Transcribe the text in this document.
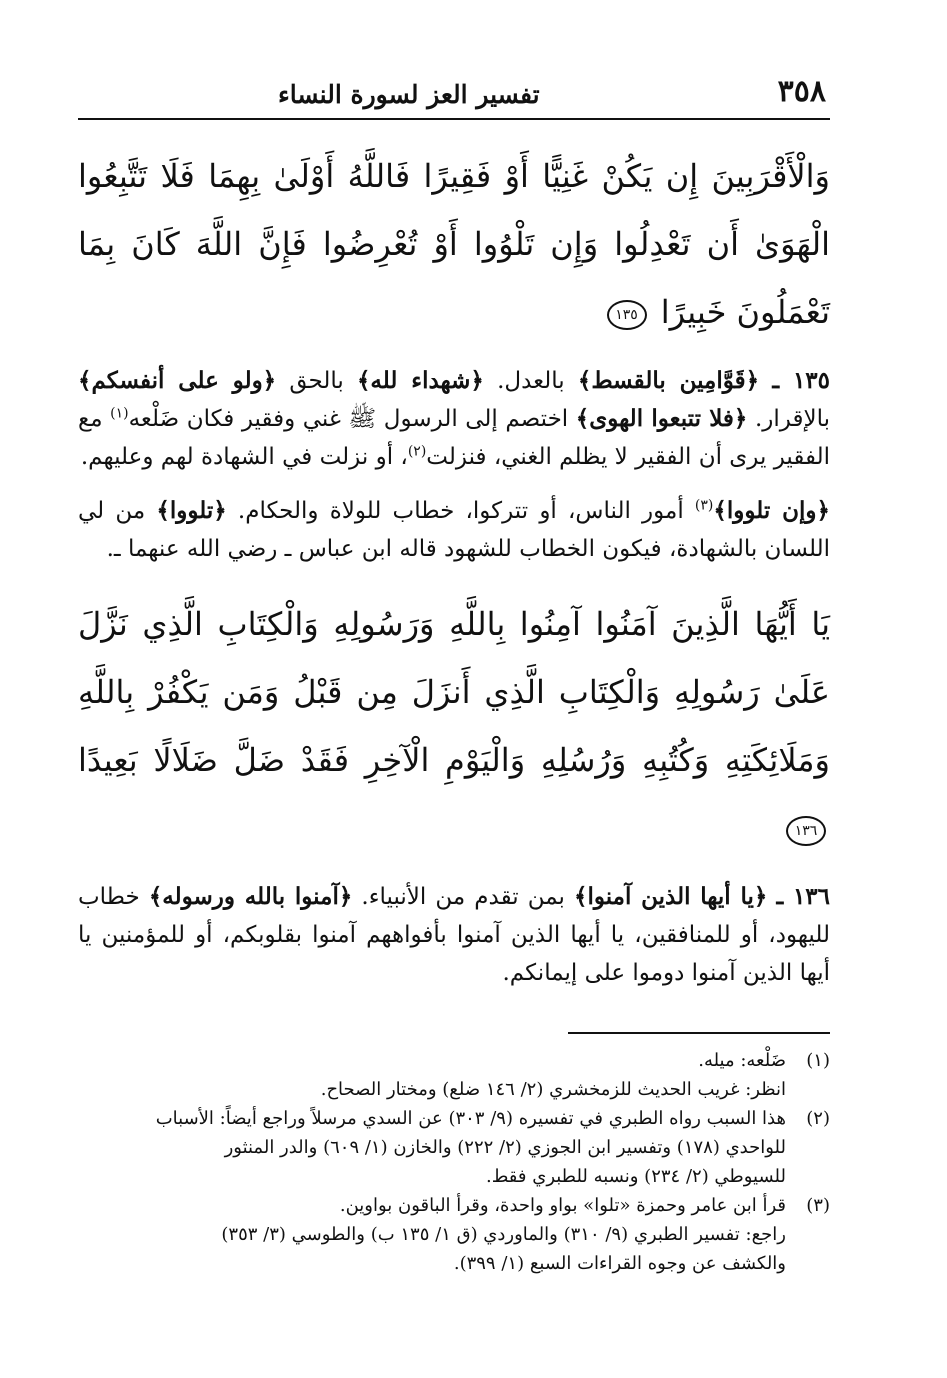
٣٥٨
تفسير العز لسورة النساء
وَالْأَقْرَبِينَ إِن يَكُنْ غَنِيًّا أَوْ فَقِيرًا فَاللَّهُ أَوْلَىٰ بِهِمَا فَلَا تَتَّبِعُوا الْهَوَىٰ أَن تَعْدِلُوا وَإِن تَلْوُوا أَوْ تُعْرِضُوا فَإِنَّ اللَّهَ كَانَ بِمَا تَعْمَلُونَ خَبِيرًا ١٣٥

١٣٥ ـ ﴿قَوَّامِين بالقسط﴾ بالعدل. ﴿شهداء لله﴾ بالحق ﴿ولو على أنفسكم﴾ بالإقرار. ﴿فلا تتبعوا الهوى﴾ اختصم إلى الرسول ﷺ غني وفقير فكان ضَلْعه$^{(١)}$ مع الفقير يرى أن الفقير لا يظلم الغني، فنزلت$^{(٢)}$، أو نزلت في الشهادة لهم وعليهم.

﴿وإن تلووا﴾$^{(٣)}$ أمور الناس، أو تتركوا، خطاب للولاة والحكام. ﴿تلووا﴾ من لي اللسان بالشهادة، فيكون الخطاب للشهود قاله ابن عباس ـ رضي الله عنهما ـ.

يَا أَيُّهَا الَّذِينَ آمَنُوا آمِنُوا بِاللَّهِ وَرَسُولِهِ وَالْكِتَابِ الَّذِي نَزَّلَ عَلَىٰ رَسُولِهِ وَالْكِتَابِ الَّذِي أَنزَلَ مِن قَبْلُ وَمَن يَكْفُرْ بِاللَّهِ وَمَلَائِكَتِهِ وَكُتُبِهِ وَرُسُلِهِ وَالْيَوْمِ الْآخِرِ فَقَدْ ضَلَّ ضَلَالًا بَعِيدًا ١٣٦

١٣٦ ـ ﴿يا أيها الذين آمنوا﴾ بمن تقدم من الأنبياء. ﴿آمنوا بالله ورسوله﴾ خطاب لليهود، أو للمنافقين، يا أيها الذين آمنوا بأفواههم آمنوا بقلوبكم، أو للمؤمنين يا أيها الذين آمنوا دوموا على إيمانكم.

(١)
ضَلْعه: ميله.
انظر: غريب الحديث للزمخشري (٢/ ١٤٦ ضلع) ومختار الصحاح.
(٢)
هذا السبب رواه الطبري في تفسيره (٩/ ٣٠٣) عن السدي مرسلاً وراجع أيضاً: الأسباب
للواحدي (١٧٨) وتفسير ابن الجوزي (٢/ ٢٢٢) والخازن (١/ ٦٠٩) والدر المنثور
للسيوطي (٢/ ٢٣٤) ونسبه للطبري فقط.
(٣)
قرأ ابن عامر وحمزة «تلوا» بواو واحدة، وقرأ الباقون بواوين.
راجع: تفسير الطبري (٩/ ٣١٠) والماوردي (ق ١/ ١٣٥ ب) والطوسي (٣/ ٣٥٣)
والكشف عن وجوه القراءات السبع (١/ ٣٩٩).
